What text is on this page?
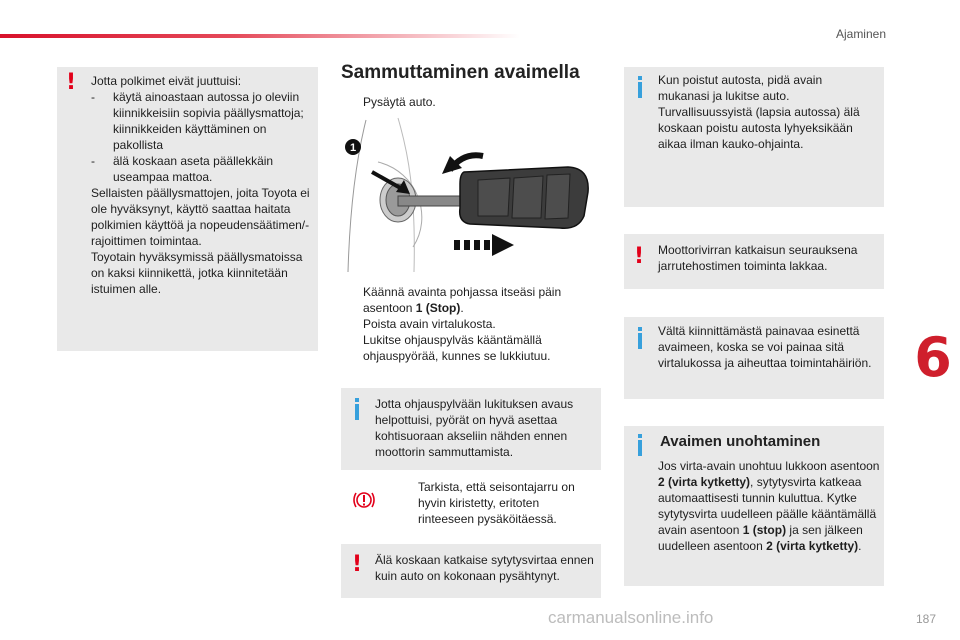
Ajaminen
6
! Jotta polkimet eivät juuttuisi:

- käytä ainoastaan autossa jo oleviin kiinnikkeisiin sopivia päällysmattoja; kiinnikkeiden käyttäminen on pakollista

- älä koskaan aseta päällekkäin useampaa mattoa.

Sellaisten päällysmattojen, joita Toyota ei ole hyväksynyt, käyttö saattaa haitata polkimien käyttöä ja nopeudensäätimen/-rajoittimen toimintaa.

Toyotain hyväksymissä päällysmatoissa on kaksi kiinnikettä, jotka kiinnitetään istuimen alle.

Sammuttaminen avaimella

Pysäytä auto.

1

Käännä avainta pohjassa itseäsi päin asentoon 1 (Stop).

Poista avain virtalukosta.

Lukitse ohjauspylväs kääntämällä ohjauspyörää, kunnes se lukkiutuu.

Jotta ohjauspylvään lukituksen avaus helpottuisi, pyörät on hyvä asettaa kohtisuoraan akseliin nähden ennen moottorin sammuttamista.

Tarkista, että seisontajarru on hyvin kiristetty, eritoten rinteeseen pysäköitäessä.

! Älä koskaan katkaise sytytysvirtaa ennen kuin auto on kokonaan pysähtynyt.
Kun poistut autosta, pidä avain mukanasi ja lukitse auto. Turvallisuussyistä (lapsia autossa) älä koskaan poistu autosta lyhyeksikään aikaa ilman kauko-ohjainta.
! Moottorivirran katkaisun seurauksena jarrutehostimen toiminta lakkaa.
Vältä kiinnittämästä painavaa esinettä avaimeen, koska se voi painaa sitä virtalukossa ja aiheuttaa toimintahäiriön.
Avaimen unohtaminen
Jos virta-avain unohtuu lukkoon asentoon 2 (virta kytketty), sytytysvirta katkeaa automaattisesti tunnin kuluttua. Kytke sytytysvirta uudelleen päälle kääntämällä avain asentoon 1 (stop) ja sen jälkeen uudelleen asentoon 2 (virta kytketty).
carmanualsonline.info	187
